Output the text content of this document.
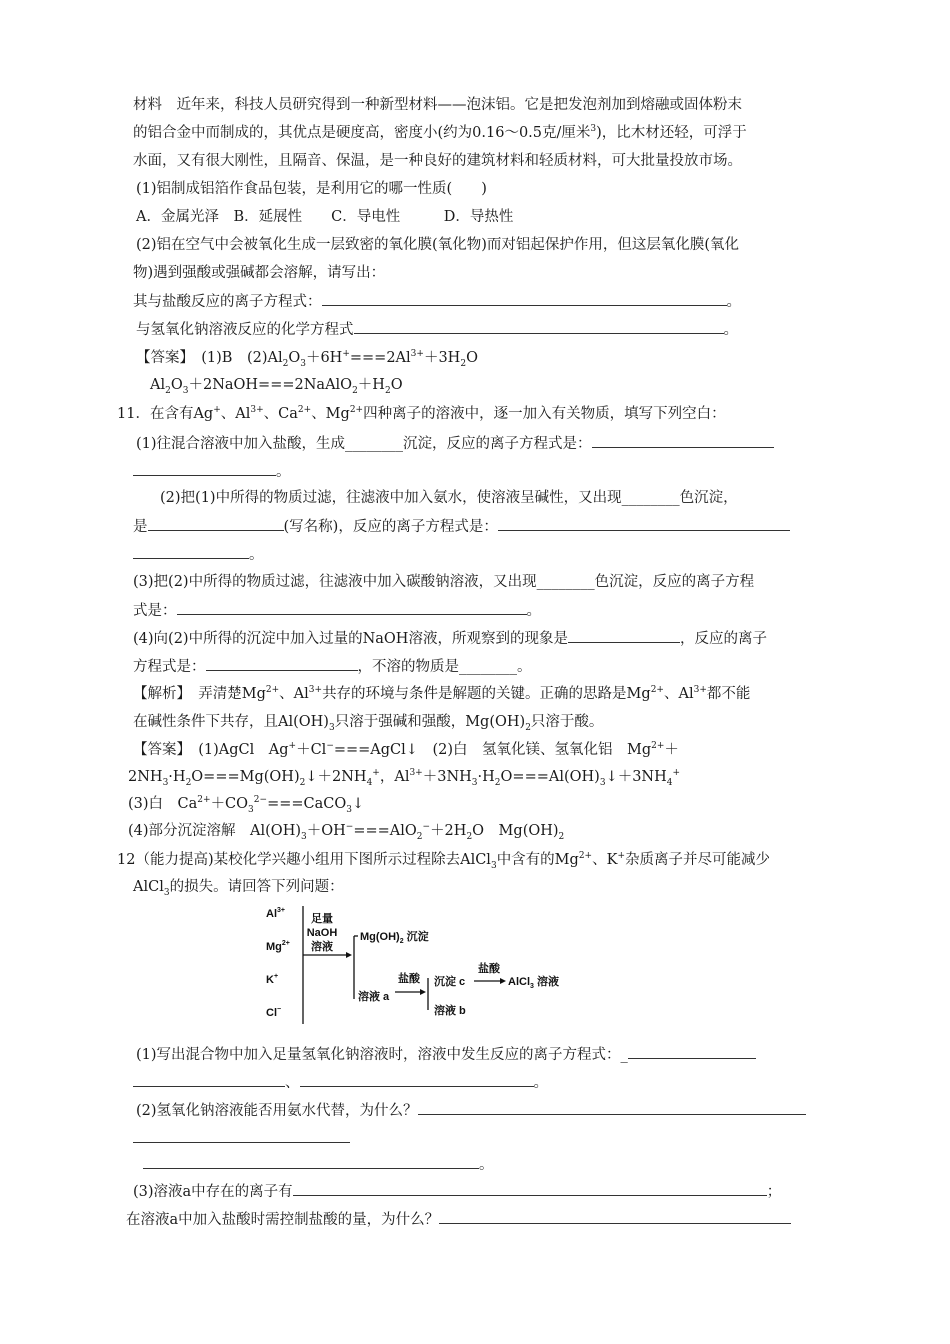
材料　近年来，科技人员研究得到一种新型材料——泡沫铝。它是把发泡剂加到熔融或固体粉末
的铝合金中而制成的，其优点是硬度高，密度小(约为0.16～0.5克/厘米$^3$)，比木材还轻，可浮于
水面，又有很大刚性，且隔音、保温，是一种良好的建筑材料和轻质材料，可大批量投放市场。
(1)铝制成铝箔作食品包装，是利用它的哪一性质(　　)
A．金属光泽　B．延展性　　C．导电性　　　D．导热性
(2)铝在空气中会被氧化生成一层致密的氧化膜(氧化物)而对铝起保护作用，但这层氧化膜(氧化
物)遇到强酸或强碱都会溶解，请写出：
其与盐酸反应的离子方程式：	。
与氢氧化钠溶液反应的化学方程式	。
【答案】　(1)B　$(2)Al_2O_3+6H^+===2Al^{3+}+3H_2O$
$Al_2O_3+2NaOH===2NaAlO_2+H_2O$
11．在含有Ag+、$Al^{3+}$、$Ca^{2+}$、$Mg^{2+}$四种离子的溶液中，逐一加入有关物质，填写下列空白：
(1)往混合溶液中加入盐酸，生成________沉淀，反应的离子方程式是：
。
(2)把(1)中所得的物质过滤，往滤液中加入氨水，使溶液呈碱性，又出现________色沉淀，
是	(写名称)，反应的离子方程式是：
。
(3)把(2)中所得的物质过滤，往滤液中加入碳酸钠溶液，又出现________色沉淀，反应的离子方程
式是：	。
(4)向(2)中所得的沉淀中加入过量的NaOH溶液，所观察到的现象是	，反应的离子
方程式是：	，不溶的物质是________。
【解析】　弄清楚$Mg^{2+}$、$Al^{3+}$共存的环境与条件是解题的关键。正确的思路是$Mg^{2+}$、$Al^{3+}$都不能
在碱性条件下共存，且$Al(OH)_3$只溶于强碱和强酸，$Mg(OH)_2$只溶于酸。
【答案】　(1)AgCl　Ag+＋Cl−===AgCl↓　(2)白　氢氧化镁、氢氧化铝　$Mg^{2+}+$
$2NH_3\cdot H_2O===Mg(OH)_2↓+2NH_4^+$，$Al^{3+}+3NH_3\cdot H_2O===Al(OH)_3↓+3NH_4^+$
(3)白　$Ca^{2+}+CO_3^{2-}===CaCO_3↓$
(4)部分沉淀溶解　$Al(OH)_3+OH^-===AlO_2^-+2H_2O$　$Mg(OH)_2$
12（能力提高)某校化学兴趣小组用下图所示过程除去AlCl$_3$中含有的$Mg^{2+}$、K+杂质离子并尽可能减少
AlCl$_3$的损失。请回答下列问题：
$Al^{3+}$
$Mg^{2+}$
K+
Cl−
足量
NaOH
溶液
$Mg(OH)_2$ 沉淀
溶液 a
盐酸 沉淀 c
溶液 b
盐酸
AlCl$_3$ 溶液
(1)写出混合物中加入足量氢氧化钠溶液时，溶液中发生反应的离子方程式：_
、	。
(2)氢氧化钠溶液能否用氨水代替，为什么？
。
(3)溶液a中存在的离子有	；
在溶液a中加入盐酸时需控制盐酸的量，为什么？
